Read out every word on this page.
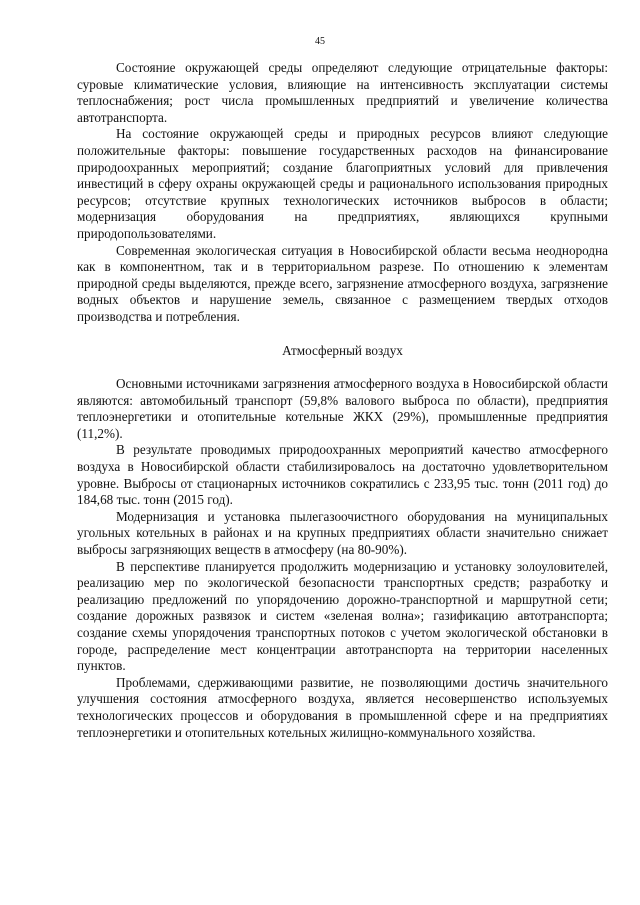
45

Состояние окружающей среды определяют следующие отрицательные факторы: суровые климатические условия, влияющие на интенсивность эксплуатации системы теплоснабжения; рост числа промышленных предприятий и увеличение количества автотранспорта.

На состояние окружающей среды и природных ресурсов влияют следующие положительные факторы: повышение государственных расходов на финансирование природоохранных мероприятий; создание благоприятных условий для привлечения инвестиций в сферу охраны окружающей среды и рационального использования природных ресурсов; отсутствие крупных технологических источников выбросов в области; модернизация оборудования на предприятиях, являющихся крупными природопользователями.

Современная экологическая ситуация в Новосибирской области весьма неоднородна как в компонентном, так и в территориальном разрезе. По отношению к элементам природной среды выделяются, прежде всего, загрязнение атмосферного воздуха, загрязнение водных объектов и нарушение земель, связанное с размещением твердых отходов производства и потребления.

Атмосферный воздух

Основными источниками загрязнения атмосферного воздуха в Новосибирской области являются: автомобильный транспорт (59,8% валового выброса по области), предприятия теплоэнергетики и отопительные котельные ЖКХ (29%), промышленные предприятия (11,2%).

В результате проводимых природоохранных мероприятий качество атмосферного воздуха в Новосибирской области стабилизировалось на достаточно удовлетворительном уровне. Выбросы от стационарных источников сократились с 233,95 тыс. тонн (2011 год) до 184,68 тыс. тонн (2015 год).

Модернизация и установка пылегазоочистного оборудования на муниципальных угольных котельных в районах и на крупных предприятиях области значительно снижает выбросы загрязняющих веществ в атмосферу (на 80-90%).

В перспективе планируется продолжить модернизацию и установку золоуловителей, реализацию мер по экологической безопасности транспортных средств; разработку и реализацию предложений по упорядочению дорожно-транспортной и маршрутной сети; создание дорожных развязок и систем «зеленая волна»; газификацию автотранспорта; создание схемы упорядочения транспортных потоков с учетом экологической обстановки в городе, распределение мест концентрации автотранспорта на территории населенных пунктов.

Проблемами, сдерживающими развитие, не позволяющими достичь значительного улучшения состояния атмосферного воздуха, является несовершенство используемых технологических процессов и оборудования в промышленной сфере и на предприятиях теплоэнергетики и отопительных котельных жилищно-коммунального хозяйства.
